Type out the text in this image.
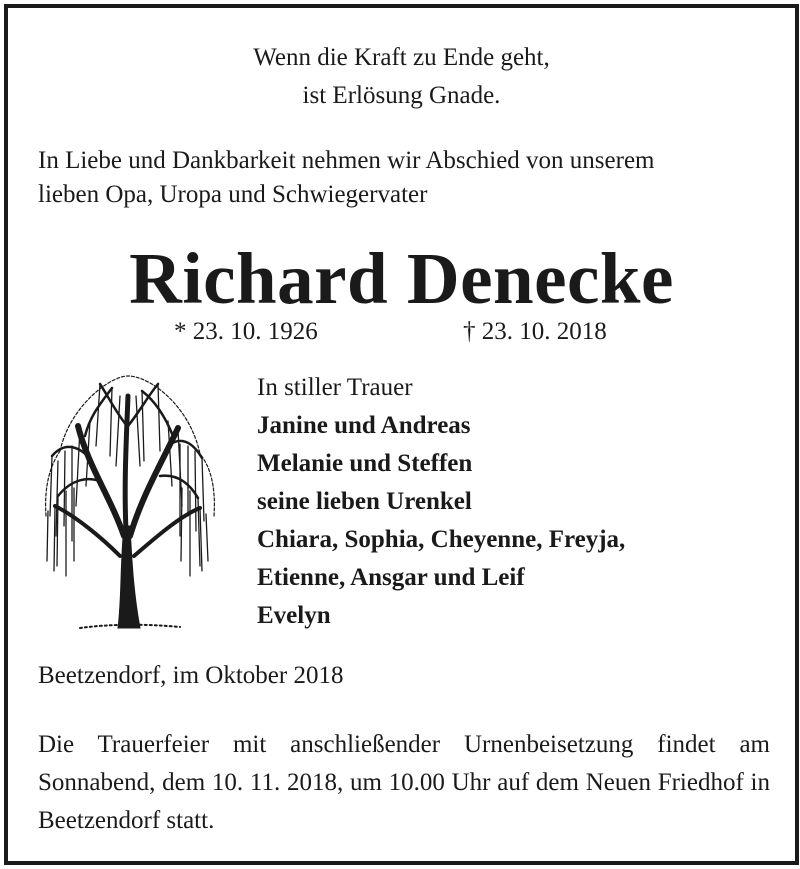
Wenn die Kraft zu Ende geht,
ist Erlösung Gnade.
In Liebe und Dankbarkeit nehmen wir Abschied von unserem
lieben Opa, Uropa und Schwiegervater
Richard Denecke
* 23. 10. 1926	† 23. 10. 2018
In stiller Trauer
Janine und Andreas
Melanie und Steffen
seine lieben Urenkel
Chiara, Sophia, Cheyenne, Freyja,
Etienne, Ansgar und Leif
Evelyn
Beetzendorf, im Oktober 2018
Die Trauerfeier mit anschließender Urnenbeisetzung findet am Sonnabend, dem 10. 11. 2018, um 10.00 Uhr auf dem Neuen Friedhof in Beetzendorf statt.
